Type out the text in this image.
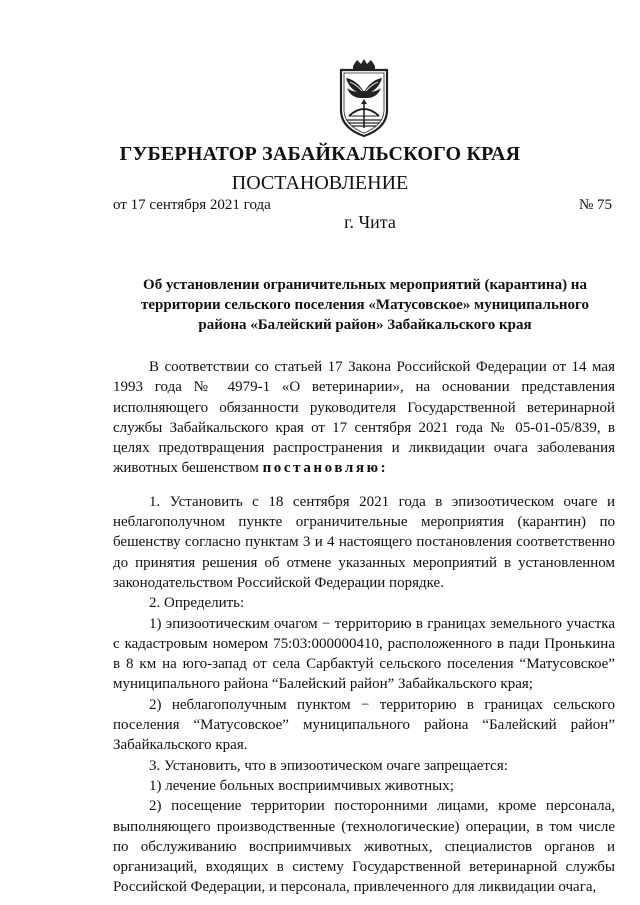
ГУБЕРНАТОР ЗАБАЙКАЛЬСКОГО КРАЯ
ПОСТАНОВЛЕНИЕ
от 17 сентября 2021 года	№ 75
г. Чита
Об установлении ограничительных мероприятий (карантина) на территории сельского поселения «Матусовское» муниципального района «Балейский район» Забайкальского края

В соответствии со статьей 17 Закона Российской Федерации от 14 мая 1993 года № 4979-1 «О ветеринарии», на основании представления исполняющего обязанности руководителя Государственной ветеринарной службы Забайкальского края от 17 сентября 2021 года № 05-01-05/839, в целях предотвращения распространения и ликвидации очага заболевания животных бешенством постановляю:

1. Установить с 18 сентября 2021 года в эпизоотическом очаге и неблагополучном пункте ограничительные мероприятия (карантин) по бешенству согласно пунктам 3 и 4 настоящего постановления соответственно до принятия решения об отмене указанных мероприятий в установленном законодательством Российской Федерации порядке.

2. Определить:

1) эпизоотическим очагом − территорию в границах земельного участка с кадастровым номером 75:03:000000410, расположенного в пади Пронькина в 8 км на юго-запад от села Сарбактуй сельского поселения “Матусовское” муниципального района “Балейский район” Забайкальского края;

2) неблагополучным пунктом − территорию в границах сельского поселения “Матусовское” муниципального района “Балейский район” Забайкальского края.

3. Установить, что в эпизоотическом очаге запрещается:

1) лечение больных восприимчивых животных;

2) посещение территории посторонними лицами, кроме персонала, выполняющего производственные (технологические) операции, в том числе по обслуживанию восприимчивых животных, специалистов органов и организаций, входящих в систему Государственной ветеринарной службы Российской Федерации, и персонала, привлеченного для ликвидации очага,
